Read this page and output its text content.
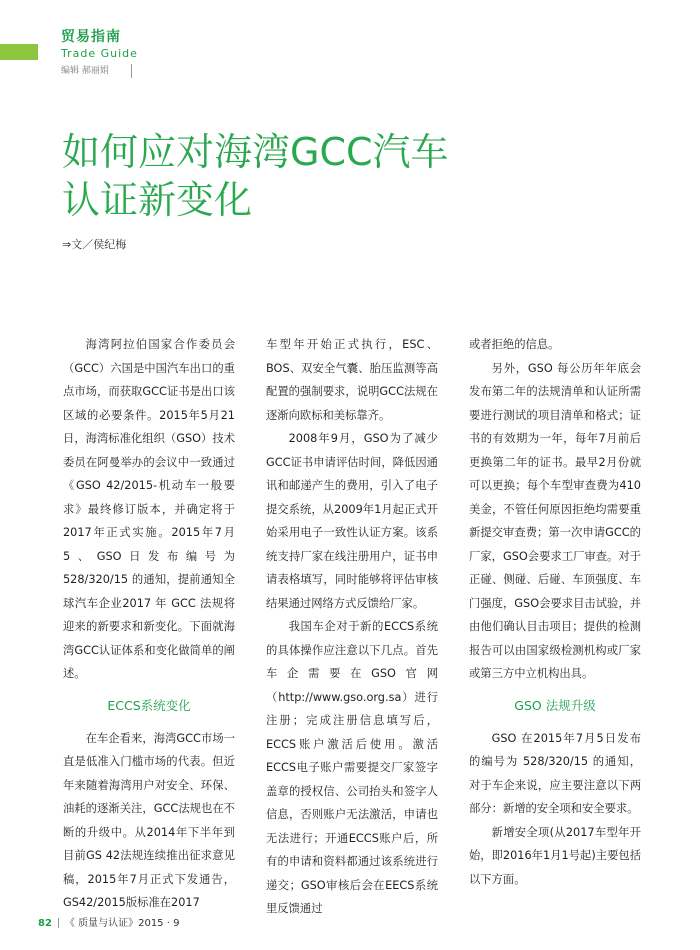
贸易指南
Trade Guide
编辑 郝丽娟
如何应对海湾GCC汽车
认证新变化
⇒文／侯纪梅

海湾阿拉伯国家合作委员会（GCC）六国是中国汽车出口的重点市场，而获取GCC证书是出口该区域的必要条件。2015年5月21日，海湾标准化组织（GSO）技术委员在阿曼举办的会议中一致通过《GSO 42/2015-机动车一般要求》最终修订版本，并确定将于2017年正式实施。2015年7月5、GSO日发布编号为 528/320/15 的通知，提前通知全球汽车企业2017 年 GCC 法规将迎来的新要求和新变化。下面就海湾GCC认证体系和变化做简单的阐述。

ECCS系统变化

在车企看来，海湾GCC市场一直是低准入门槛市场的代表。但近年来随着海湾用户对安全、环保、油耗的逐渐关注，GCC法规也在不断的升级中。从2014年下半年到目前GS 42法规连续推出征求意见稿，2015年7月正式下发通告，GS42/2015版标准在2017

车型年开始正式执行，ESC、BOS、双安全气囊、胎压监测等高配置的强制要求，说明GCC法规在逐渐向欧标和美标靠齐。

2008年9月，GSO为了减少GCC证书申请评估时间，降低因通讯和邮递产生的费用，引入了电子提交系统，从2009年1月起正式开始采用电子一致性认证方案。该系统支持厂家在线注册用户，证书申请表格填写，同时能够将评估审核结果通过网络方式反馈给厂家。

我国车企对于新的ECCS系统的具体操作应注意以下几点。首先车企需要在GSO官网（http://www.gso.org.sa）进行注册；完成注册信息填写后，ECCS账户激活后使用。激活ECCS电子账户需要提交厂家签字盖章的授权信、公司抬头和签字人信息，否则账户无法激活，申请也无法进行；开通ECCS账户后，所有的申请和资料都通过该系统进行递交；GSO审核后会在EECS系统里反馈通过

或者拒绝的信息。

另外，GSO 每公历年年底会发布第二年的法规清单和认证所需要进行测试的项目清单和格式；证书的有效期为一年，每年7月前后更换第二年的证书。最早2月份就可以更换；每个车型审查费为410美金，不管任何原因拒绝均需要重新提交审查费；第一次申请GCC的厂家，GSO会要求工厂审查。对于正碰、侧碰、后碰、车顶强度、车门强度，GSO会要求目击试验，并由他们确认目击项目；提供的检测报告可以由国家级检测机构或厂家或第三方中立机构出具。

GSO 法规升级

GSO 在2015年7月5日发布的编号为 528/320/15 的通知，对于车企来说，应主要注意以下两部分：新增的安全项和安全要求。

新增安全项(从2017车型年开始，即2016年1月1号起)主要包括以下方面。

82 《 质量与认证》2015 · 9
